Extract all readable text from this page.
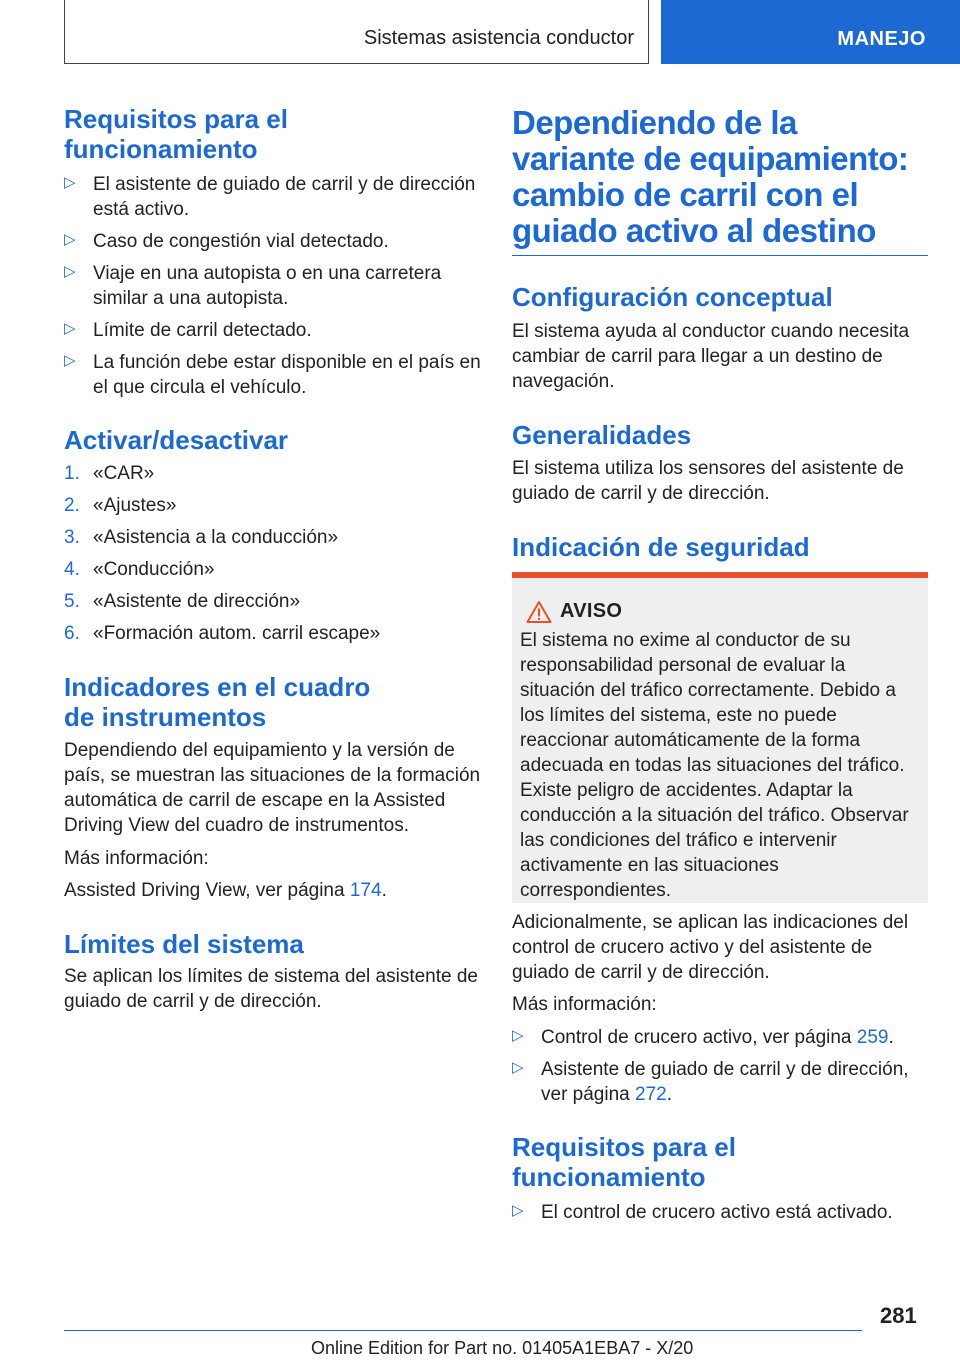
Sistemas asistencia conductor	MANEJO
Requisitos para el funcionamiento
▷ El asistente de guiado de carril y de dirección está activo.
▷ Caso de congestión vial detectado.
▷ Viaje en una autopista o en una carretera similar a una autopista.
▷ Límite de carril detectado.
▷ La función debe estar disponible en el país en el que circula el vehículo.
Activar/desactivar
1. «CAR»
2. «Ajustes»
3. «Asistencia a la conducción»
4. «Conducción»
5. «Asistente de dirección»
6. «Formación autom. carril escape»
Indicadores en el cuadro de instrumentos

Dependiendo del equipamiento y la versión de país, se muestran las situaciones de la formación automática de carril de escape en la Assisted Driving View del cuadro de instrumentos.

Más información:

Assisted Driving View, ver página 174.

Límites del sistema

Se aplican los límites de sistema del asistente de guiado de carril y de dirección.

Dependiendo de la variante de equipamiento: cambio de carril con el guiado activo al destino
Configuración conceptual

El sistema ayuda al conductor cuando necesita cambiar de carril para llegar a un destino de navegación.

Generalidades

El sistema utiliza los sensores del asistente de guiado de carril y de dirección.

Indicación de seguridad
AVISO
El sistema no exime al conductor de su responsabilidad personal de evaluar la situación del tráfico correctamente. Debido a los límites del sistema, este no puede reaccionar automáticamente de la forma adecuada en todas las situaciones del tráfico. Existe peligro de accidentes. Adaptar la conducción a la situación del tráfico. Observar las condiciones del tráfico e intervenir activamente en las situaciones correspondientes.

Adicionalmente, se aplican las indicaciones del control de crucero activo y del asistente de guiado de carril y de dirección.

Más información:

▷ Control de crucero activo, ver página 259.
▷ Asistente de guiado de carril y de dirección, ver página 272.
Requisitos para el funcionamiento
▷ El control de crucero activo está activado.
281
Online Edition for Part no. 01405A1EBA7 - X/20
